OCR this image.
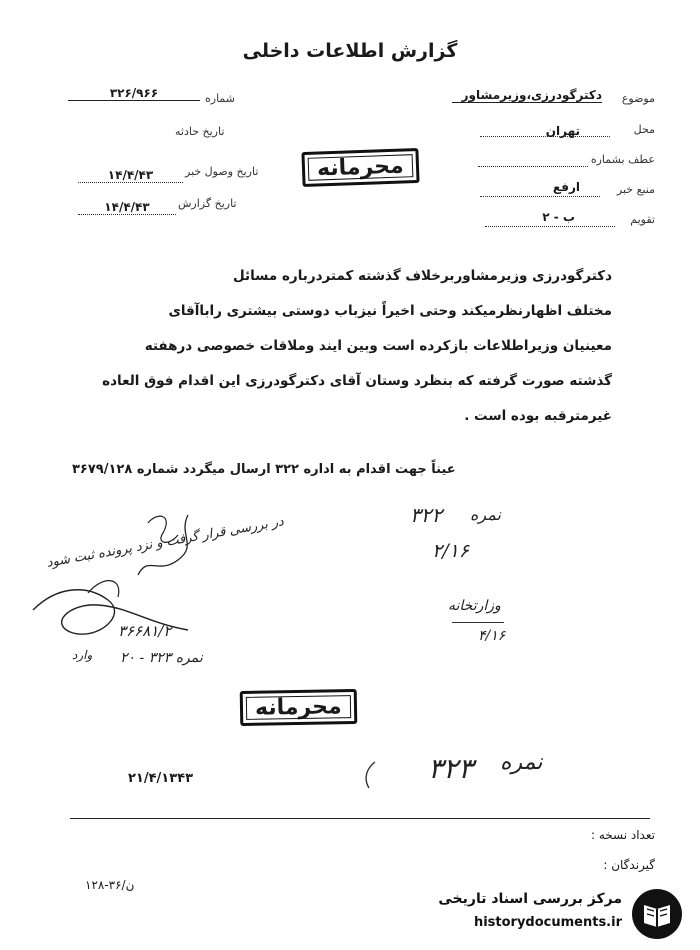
گزارش اطلاعات داخلی
موضوع
دکترگودرزی،وزیرمشاور
محل
تهران
عطف بشماره
منبع خبر
ارفع
تقویم
ب - ۲
شماره
۳۲۶/۹۶۶
تاریخ حادثه
تاریخ وصول خبر
۱۴/۴/۴۳
تاریخ گزارش
۱۴/۴/۴۳
محرمانه
دکترگودرزی وزیرمشاوربرخلاف گذشته کمتردرباره مسائل
مختلف اظهارنظرمیکند وحتی اخیراً نیزباب دوستی بیشتری راباآقای
معینیان وزیراطلاعات بازکرده است وبین ایند وملاقات خصوصی درهفته
گذشته صورت گرفته که بنظرد وستان آقای دکترگودرزی این اقدام فوق العاده
غیرمترقبه بوده است .
عیناً جهت اقدام به اداره ۳۲۲ ارسال میگردد شماره ۳۶۷۹/۱۲۸
نمره
۳۲۲
۲/۱۶
وزارتخانه
۴/۱۶
در بررسی قرار گرفت و نزد پرونده ثبت شود
۳۶۶۸۱/۲
نمره ۳۲۳ - ۲۰
وارد
محرمانه
۳۲۳ نمره
۲۱/۴/۱۳۴۳
تعداد نسخه :
گیرندگان :
۱۲۸-۳۶/ن
مرکز بررسی اسناد تاریخی
historydocuments.ir
